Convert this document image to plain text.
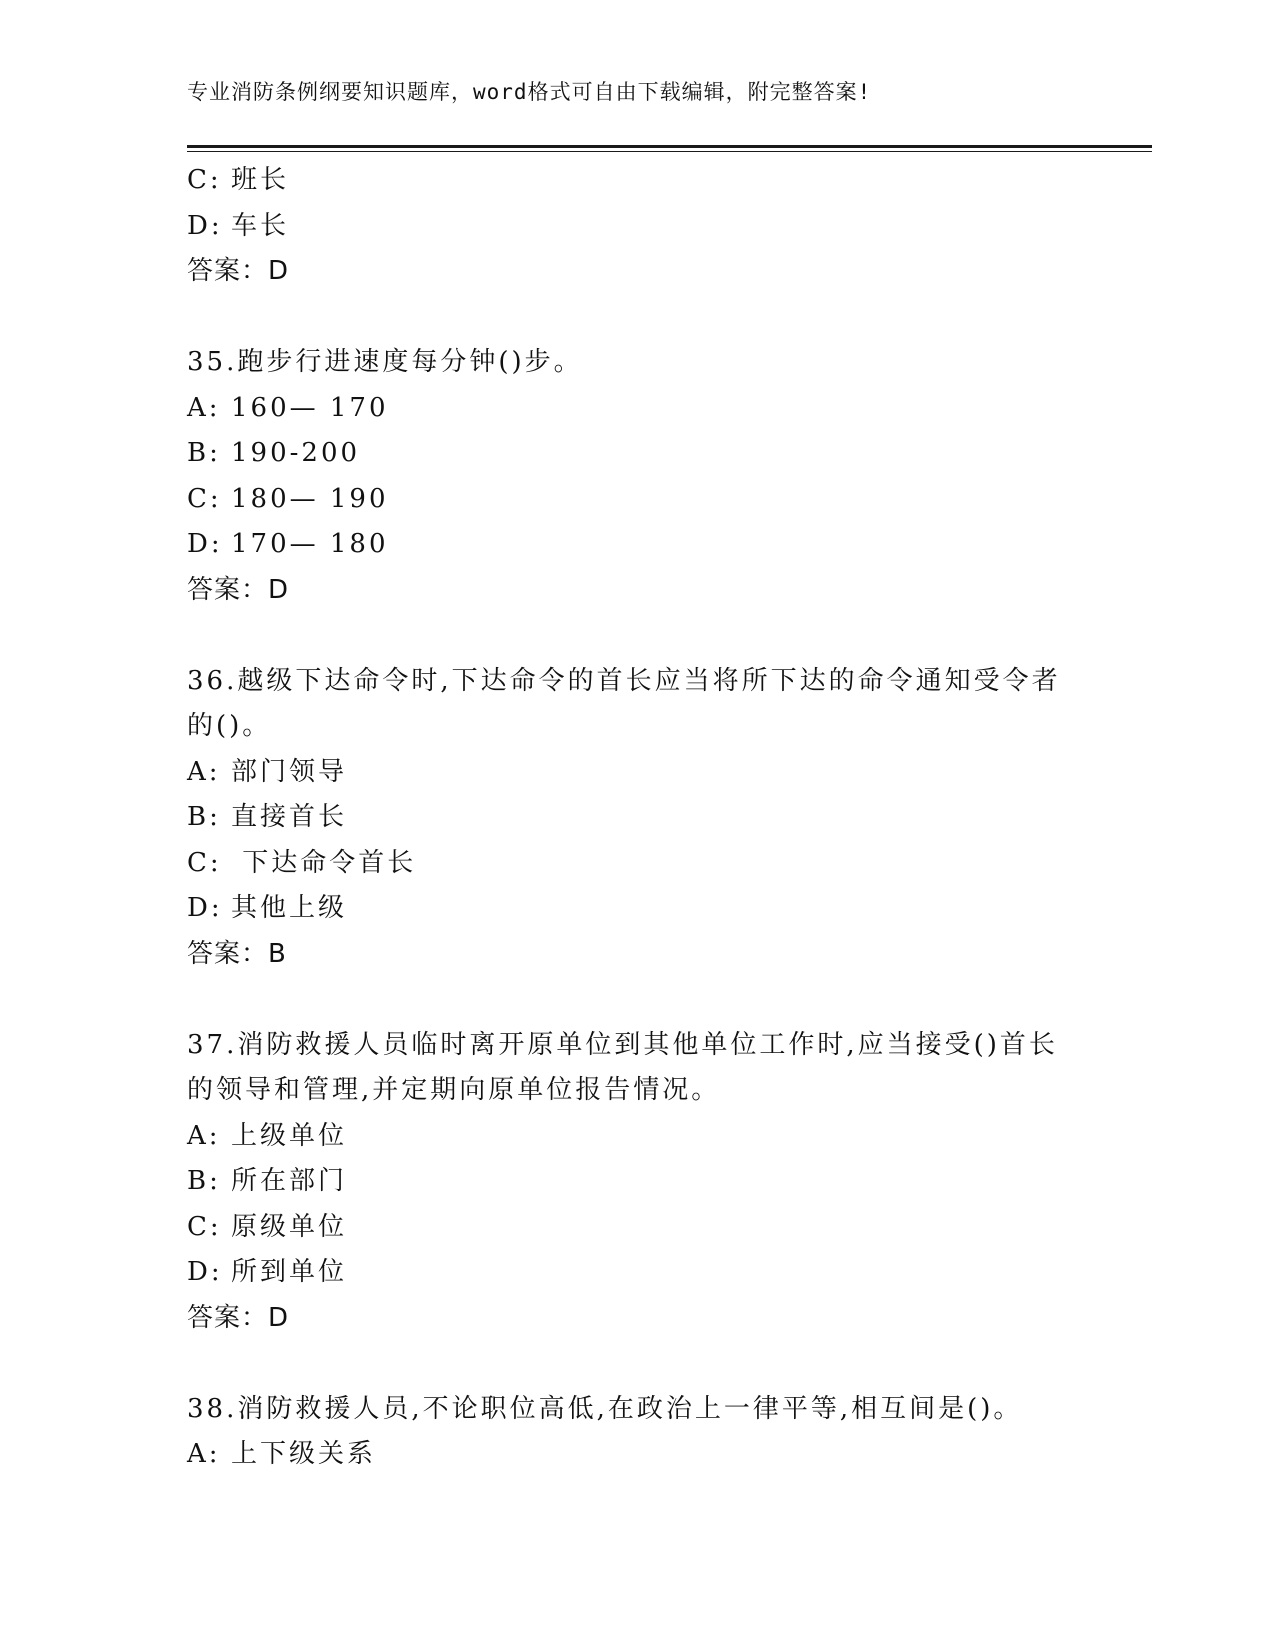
专业消防条例纲要知识题库，word格式可自由下载编辑，附完整答案!
C: 班长
D: 车长
答案：D
35.跑步行进速度每分钟()步。
A: 160— 170
B: 190-200
C: 180— 190
D: 170— 180
答案：D
36.越级下达命令时,下达命令的首长应当将所下达的命令通知受令者
的()。
A: 部门领导
B: 直接首长
C: 下达命令首长
D: 其他上级
答案：B
37.消防救援人员临时离开原单位到其他单位工作时,应当接受()首长
的领导和管理,并定期向原单位报告情况。
A: 上级单位
B: 所在部门
C: 原级单位
D: 所到单位
答案：D
38.消防救援人员,不论职位高低,在政治上一律平等,相互间是()。
A: 上下级关系
